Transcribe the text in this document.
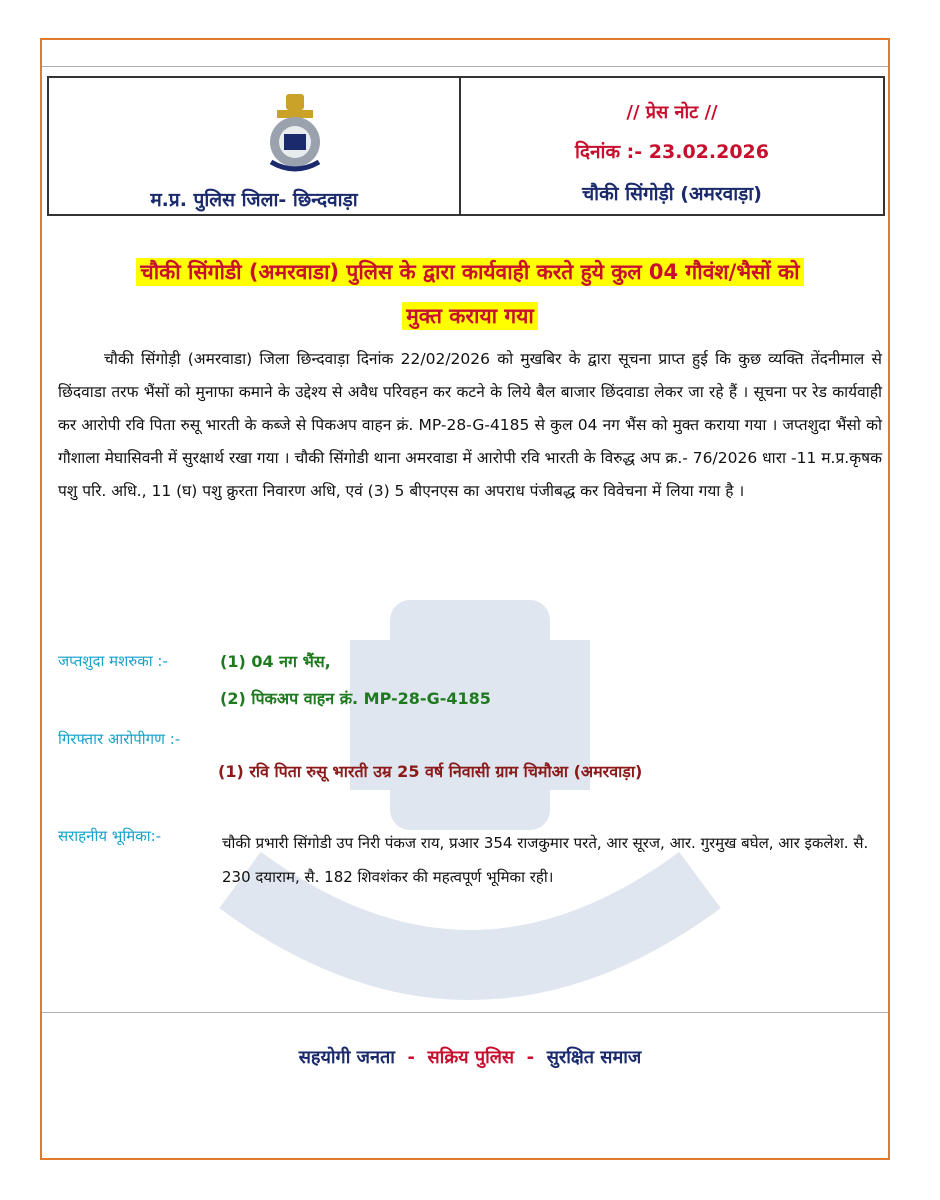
म.प्र. पुलिस जिला- छिन्दवाड़ा
// प्रेस नोट //
दिनांक :- 23.02.2026
चौकी सिंगोड़ी (अमरवाड़ा)
चौकी सिंगोडी (अमरवाडा) पुलिस के द्वारा कार्यवाही करते हुये कुल 04 गौवंश/भैसों को
मुक्त कराया गया
चौकी सिंगोड़ी (अमरवाडा) जिला छिन्दवाड़ा दिनांक 22/02/2026 को मुखबिर के द्वारा सूचना प्राप्त हुई कि कुछ व्यक्ति तेंदनीमाल से छिंदवाडा तरफ भैंसों को मुनाफा कमाने के उद्देश्य से अवैध परिवहन कर कटने के लिये बैल बाजार छिंदवाडा लेकर जा रहे हैं । सूचना पर रेड कार्यवाही कर आरोपी रवि पिता रुसू भारती के कब्जे से पिकअप वाहन क्रं. MP-28-G-4185 से कुल 04 नग भैंस को मुक्त कराया गया । जप्तशुदा भैंसो को गौशाला मेघासिवनी में सुरक्षार्थ रखा गया । चौकी सिंगोडी थाना अमरवाडा में आरोपी रवि भारती के विरुद्ध अप क्र.- 76/2026 धारा -11 म.प्र.कृषक पशु परि. अधि., 11 (घ) पशु क्रुरता निवारण अधि, एवं (3) 5 बीएनएस का अपराध पंजीबद्ध कर विवेचना में लिया गया है ।
जप्तशुदा मशरुका :-	(1) 04 नग भैंस,
(2) पिकअप वाहन क्रं. MP-28-G-4185
गिरफ्तार आरोपीगण :-
(1) रवि पिता रुसू भारती उम्र 25 वर्ष निवासी ग्राम चिमौआ (अमरवाड़ा)
सराहनीय भूमिका:-	चौकी प्रभारी सिंगोडी उप निरी पंकज राय, प्रआर 354 राजकुमार परते, आर सूरज, आर. गुरमुख बघेल, आर इकलेश. सै. 230 दयाराम, सै. 182 शिवशंकर की महत्वपूर्ण भूमिका रही।
सहयोगी जनता - सक्रिय पुलिस - सुरक्षित समाज
